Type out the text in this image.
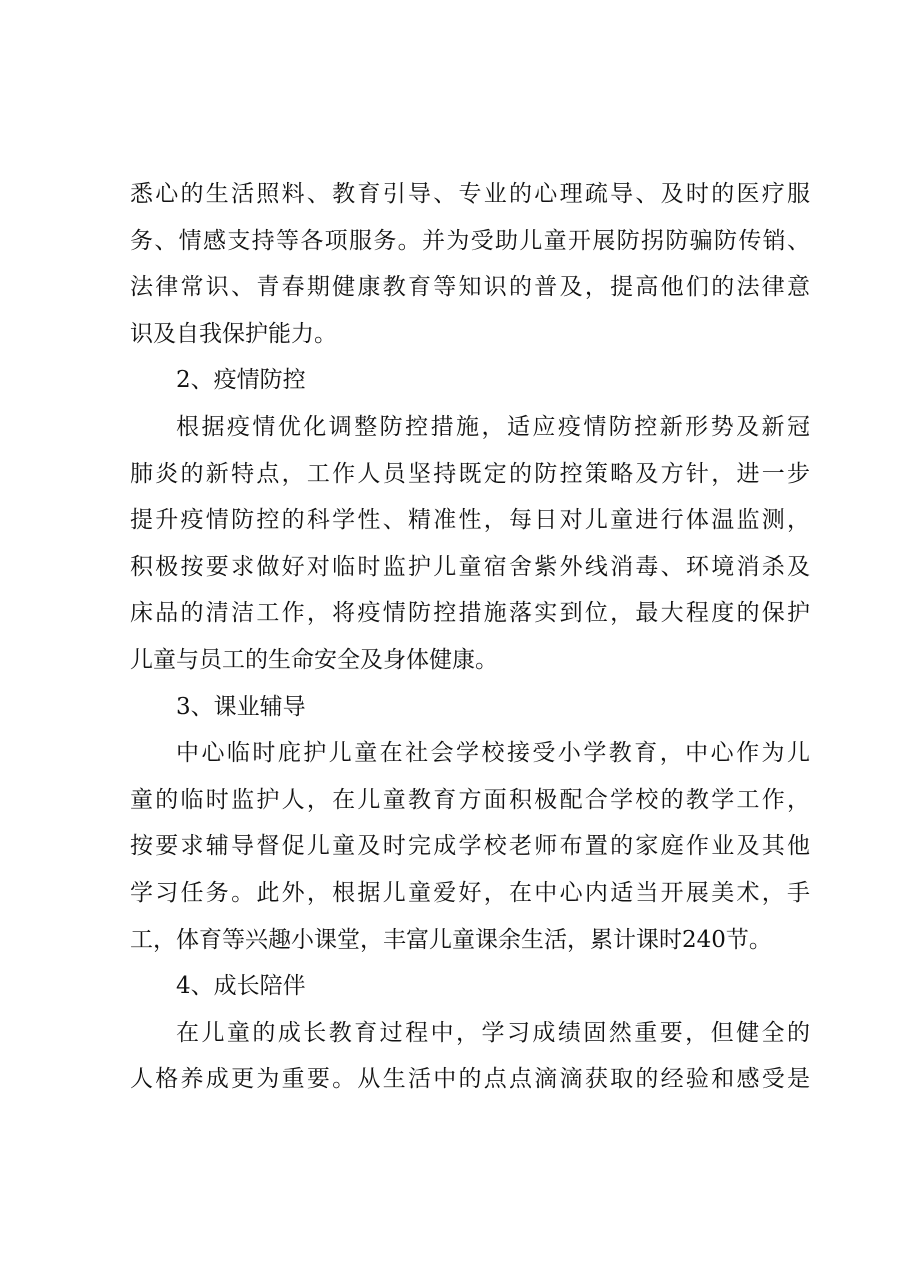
悉心的生活照料、教育引导、专业的心理疏导、及时的医疗服
务、情感支持等各项服务。并为受助儿童开展防拐防骗防传销、
法律常识、青春期健康教育等知识的普及，提高他们的法律意
识及自我保护能力。
2、疫情防控
根据疫情优化调整防控措施，适应疫情防控新形势及新冠
肺炎的新特点，工作人员坚持既定的防控策略及方针，进一步
提升疫情防控的科学性、精准性，每日对儿童进行体温监测，
积极按要求做好对临时监护儿童宿舍紫外线消毒、环境消杀及
床品的清洁工作，将疫情防控措施落实到位，最大程度的保护
儿童与员工的生命安全及身体健康。
3、课业辅导
中心临时庇护儿童在社会学校接受小学教育，中心作为儿
童的临时监护人，在儿童教育方面积极配合学校的教学工作，
按要求辅导督促儿童及时完成学校老师布置的家庭作业及其他
学习任务。此外，根据儿童爱好，在中心内适当开展美术，手
工，体育等兴趣小课堂，丰富儿童课余生活，累计课时240节。
4、成长陪伴
在儿童的成长教育过程中，学习成绩固然重要，但健全的
人格养成更为重要。从生活中的点点滴滴获取的经验和感受是
